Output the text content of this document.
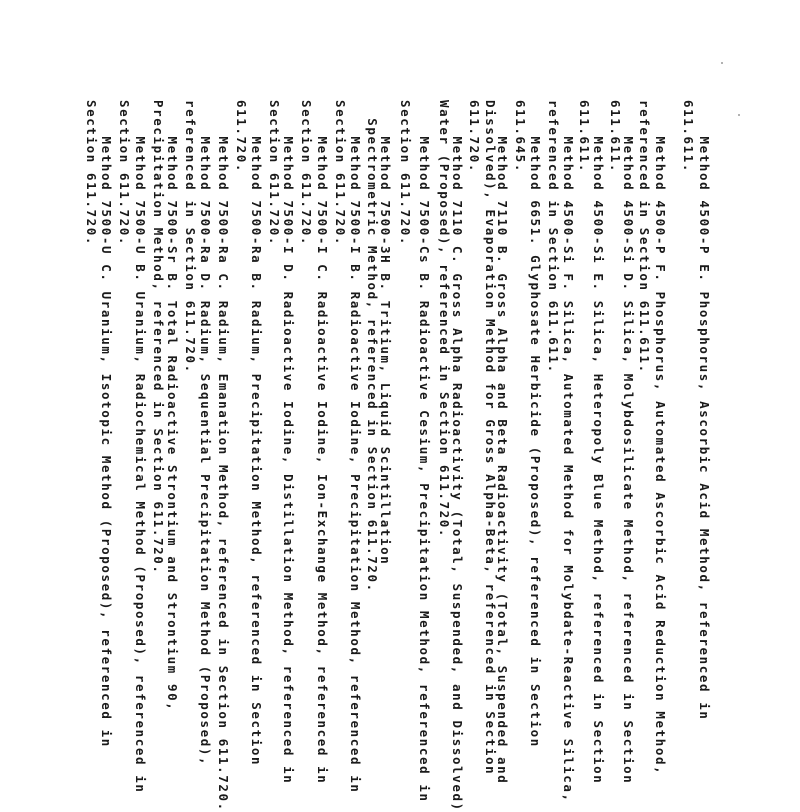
Method 4500-P E. Phosphorus, Ascorbic Acid Method, referenced in
611.611.
Method 4500-P F. Phosphorus, Automated Ascorbic Acid Reduction Method,
referenced in Section 611.611.
Method 4500-Si D. Silica, Molybdosilicate Method, referenced in Section
611.611.
Method 4500-Si E. Silica, Heteropoly Blue Method, referenced in Section
611.611.
Method 4500-Si F. Silica, Automated Method for Molybdate-Reactive Silica,
referenced in Section 611.611.
Method 6651. Glyphosate Herbicide (Proposed), referenced in Section
611.645.
Method 7110 B. Gross Alpha and Beta Radioactivity (Total, Suspended and
Dissolved), Evaporation Method for Gross Alpha-Beta, referenced in Section
611.720.
Method 7110 C. Gross Alpha Radioactivity (Total, Suspended, and Dissolved)
Water (Proposed), referenced in Section 611.720.
Method 7500-Cs B. Radioactive Cesium, Precipitation Method, referenced in
Section 611.720.
Method 7500-3H B. Tritium, Liquid Scintillation
Spectrometric Method, referenced in Section 611.720.
Method 7500-I B. Radioactive Iodine, Precipitation Method, referenced in
Section 611.720.
Method 7500-I C. Radioactive Iodine, Ion-Exchange Method, referenced in
Section 611.720.
Method 7500-I D. Radioactive Iodine, Distillation Method, referenced in
Section 611.720.
Method 7500-Ra B. Radium, Precipitation Method, referenced in Section
611.720.
Method 7500-Ra C. Radium, Emanation Method, referenced in Section 611.720.
Method 7500-Ra D. Radium, Sequential Precipitation Method (Proposed),
referenced in Section 611.720.
Method 7500-Sr B. Total Radioactive Strontium and Strontium 90,
Precipitation Method, referenced in Section 611.720.
Method 7500-U B. Uranium, Radiochemical Method (Proposed), referenced in
Section 611.720.
Method 7500-U C. Uranium, Isotopic Method (Proposed), referenced in
Section 611.720.
